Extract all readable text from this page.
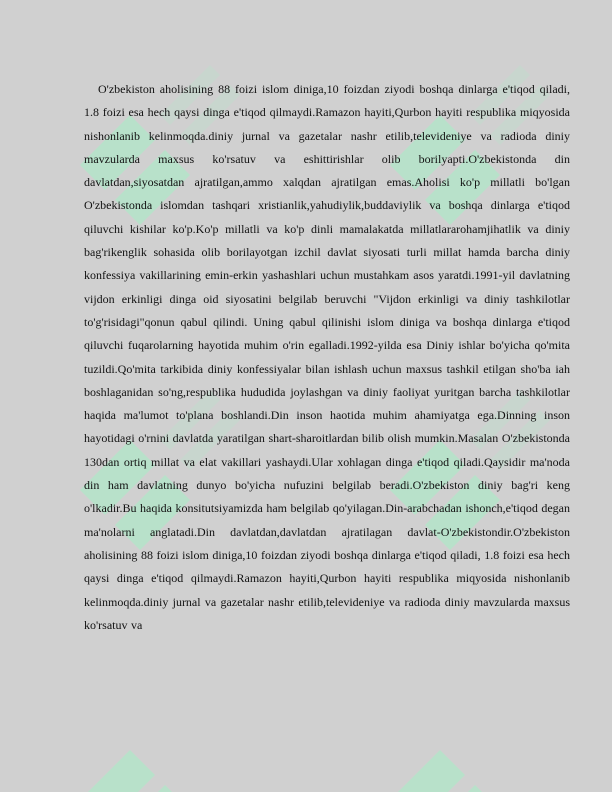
O'zbekiston aholisining 88 foizi islom diniga,10 foizdan ziyodi boshqa dinlarga e'tiqod qiladi, 1.8 foizi esa hech qaysi dinga e'tiqod qilmaydi.Ramazon hayiti,Qurbon hayiti respublika miqyosida nishonlanib kelinmoqda.diniy jurnal va gazetalar nashr etilib,televideniye va radioda diniy mavzularda maxsus ko'rsatuv va eshittirishlar olib borilyapti.O'zbekistonda din davlatdan,siyosatdan ajratilgan,ammo xalqdan ajratilgan emas.Aholisi ko'p millatli bo'lgan O'zbekistonda islomdan tashqari xristianlik,yahudiylik,buddaviylik va boshqa dinlarga e'tiqod qiluvchi kishilar ko'p.Ko'p millatli va ko'p dinli mamalakatda millatlararohamjihatlik va diniy bag'rikenglik sohasida olib borilayotgan izchil davlat siyosati turli millat hamda barcha diniy konfessiya vakillarining emin-erkin yashashlari uchun mustahkam asos yaratdi.1991-yil davlatning vijdon erkinligi dinga oid siyosatini belgilab beruvchi "Vijdon erkinligi va diniy tashkilotlar to'g'risidagi"qonun qabul qilindi. Uning qabul qilinishi islom diniga va boshqa dinlarga e'tiqod qiluvchi fuqarolarning hayotida muhim o'rin egalladi.1992-yilda esa Diniy ishlar bo'yicha qo'mita tuzildi.Qo'mita tarkibida diniy konfessiyalar bilan ishlash uchun maxsus tashkil etilgan sho'ba iah boshlaganidan so'ng,respublika hududida joylashgan va diniy faoliyat yuritgan barcha tashkilotlar haqida ma'lumot to'plana boshlandi.Din inson haotida muhim ahamiyatga ega.Dinning inson hayotidagi o'rnini davlatda yaratilgan shart-sharoitlardan bilib olish mumkin.Masalan O'zbekistonda 130dan ortiq millat va elat vakillari yashaydi.Ular xohlagan dinga e'tiqod qiladi.Qaysidir ma'noda din ham davlatning dunyo bo'yicha nufuzini belgilab beradi.O'zbekiston diniy bag'ri keng o'lkadir.Bu haqida konsitutsiyamizda ham belgilab qo'yilagan.Din-arabchadan ishonch,e'tiqod degan ma'nolarni anglatadi.Din davlatdan,davlatdan ajratilagan davlat-O'zbekistondir.O'zbekiston aholisining 88 foizi islom diniga,10 foizdan ziyodi boshqa dinlarga e'tiqod qiladi, 1.8 foizi esa hech qaysi dinga e'tiqod qilmaydi.Ramazon hayiti,Qurbon hayiti respublika miqyosida nishonlanib kelinmoqda.diniy jurnal va gazetalar nashr etilib,televideniye va radioda diniy mavzularda maxsus ko'rsatuv va
